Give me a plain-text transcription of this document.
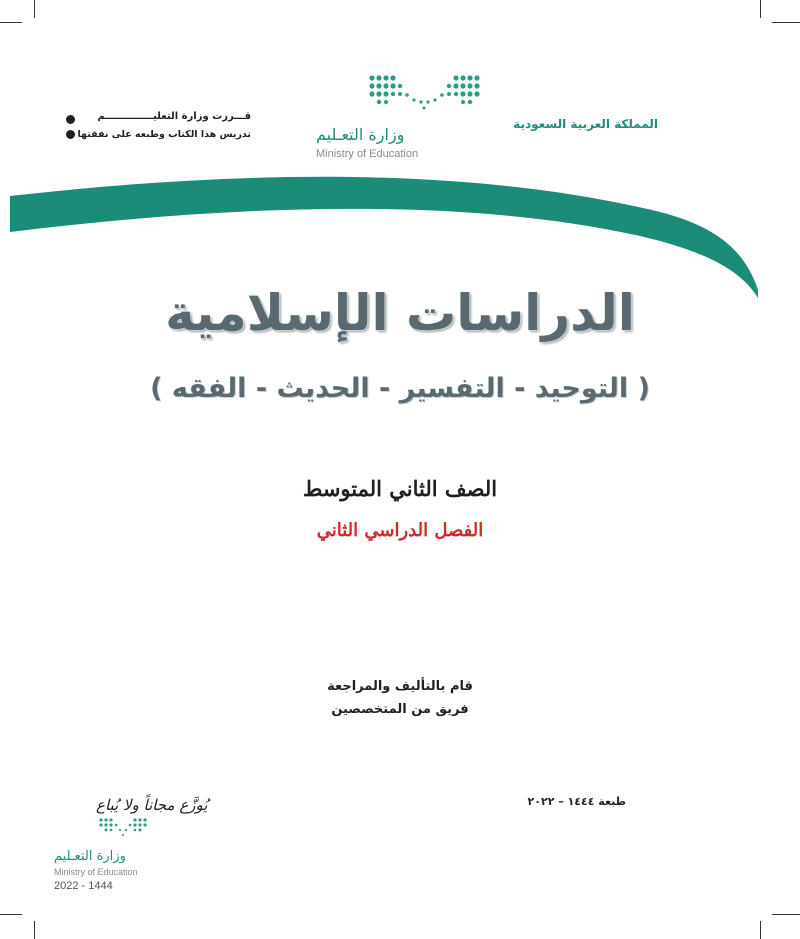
المملكة العربية السعودية
وزارة التعـليم
Ministry of Education
قـــررت وزارة التعليــــــــــــــم
تدريس هذا الكتاب وطبعه على نفقتها
الدراسات الإسلامية
( التوحيد - التفسير - الحديث - الفقه )
الصف الثاني المتوسط
الفصل الدراسي الثاني
قام بالتأليف والمراجعة
فريق من المتخصصين
طبعة ١٤٤٤ – ٢٠٢٢
يُوزَّع مجاناً ولا يُباع
وزارة التعـليم
Ministry of Education
2022 - 1444
